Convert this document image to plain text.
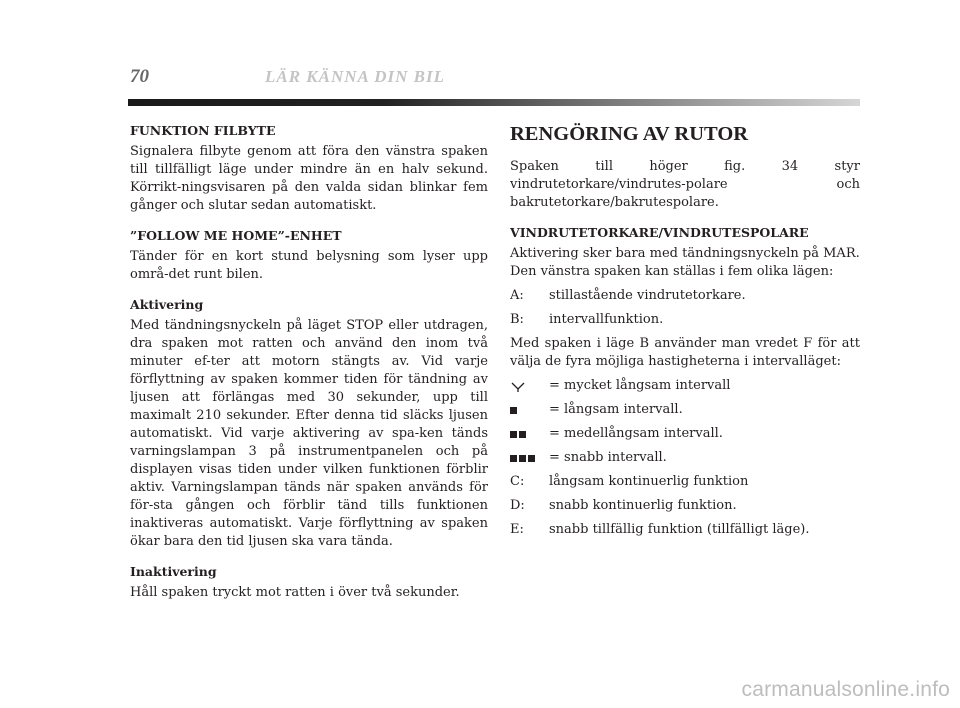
70	LÄR KÄNNA DIN BIL

FUNKTION FILBYTE

Signalera filbyte genom att föra den vänstra spaken till tillfälligt läge under mindre än en halv sekund. Körrikt-ningsvisaren på den valda sidan blinkar fem gånger och slutar sedan automatiskt.

”FOLLOW ME HOME”-ENHET

Tänder för en kort stund belysning som lyser upp områ-det runt bilen.

Aktivering

Med tändningsnyckeln på läget STOP eller utdragen, dra spaken mot ratten och använd den inom två minuter ef-ter att motorn stängts av. Vid varje förflyttning av spaken kommer tiden för tändning av ljusen att förlängas med 30 sekunder, upp till maximalt 210 sekunder. Efter denna tid släcks ljusen automatiskt. Vid varje aktivering av spa-ken tänds varningslampan 3 på instrumentpanelen och på displayen visas tiden under vilken funktionen förblir aktiv. Varningslampan tänds när spaken används för för-sta gången och förblir tänd tills funktionen inaktiveras automatiskt. Varje förflyttning av spaken ökar bara den tid ljusen ska vara tända.

Inaktivering

Håll spaken tryckt mot ratten i över två sekunder.

RENGÖRING AV RUTOR

Spaken till höger fig. 34 styr vindrutetorkare/vindrutes-polare och bakrutetorkare/bakrutespolare.

VINDRUTETORKARE/VINDRUTESPOLARE

Aktivering sker bara med tändningsnyckeln på MAR.

Den vänstra spaken kan ställas i fem olika lägen:

A: stillastående vindrutetorkare.
B: intervallfunktion.

Med spaken i läge B använder man vredet F för att välja de fyra möjliga hastigheterna i intervalläget:

= mycket långsam intervall
= långsam intervall.
= medellångsam intervall.
= snabb intervall.
C: långsam kontinuerlig funktion
D: snabb kontinuerlig funktion.
E: snabb tillfällig funktion (tillfälligt läge).
carmanualsonline.info
